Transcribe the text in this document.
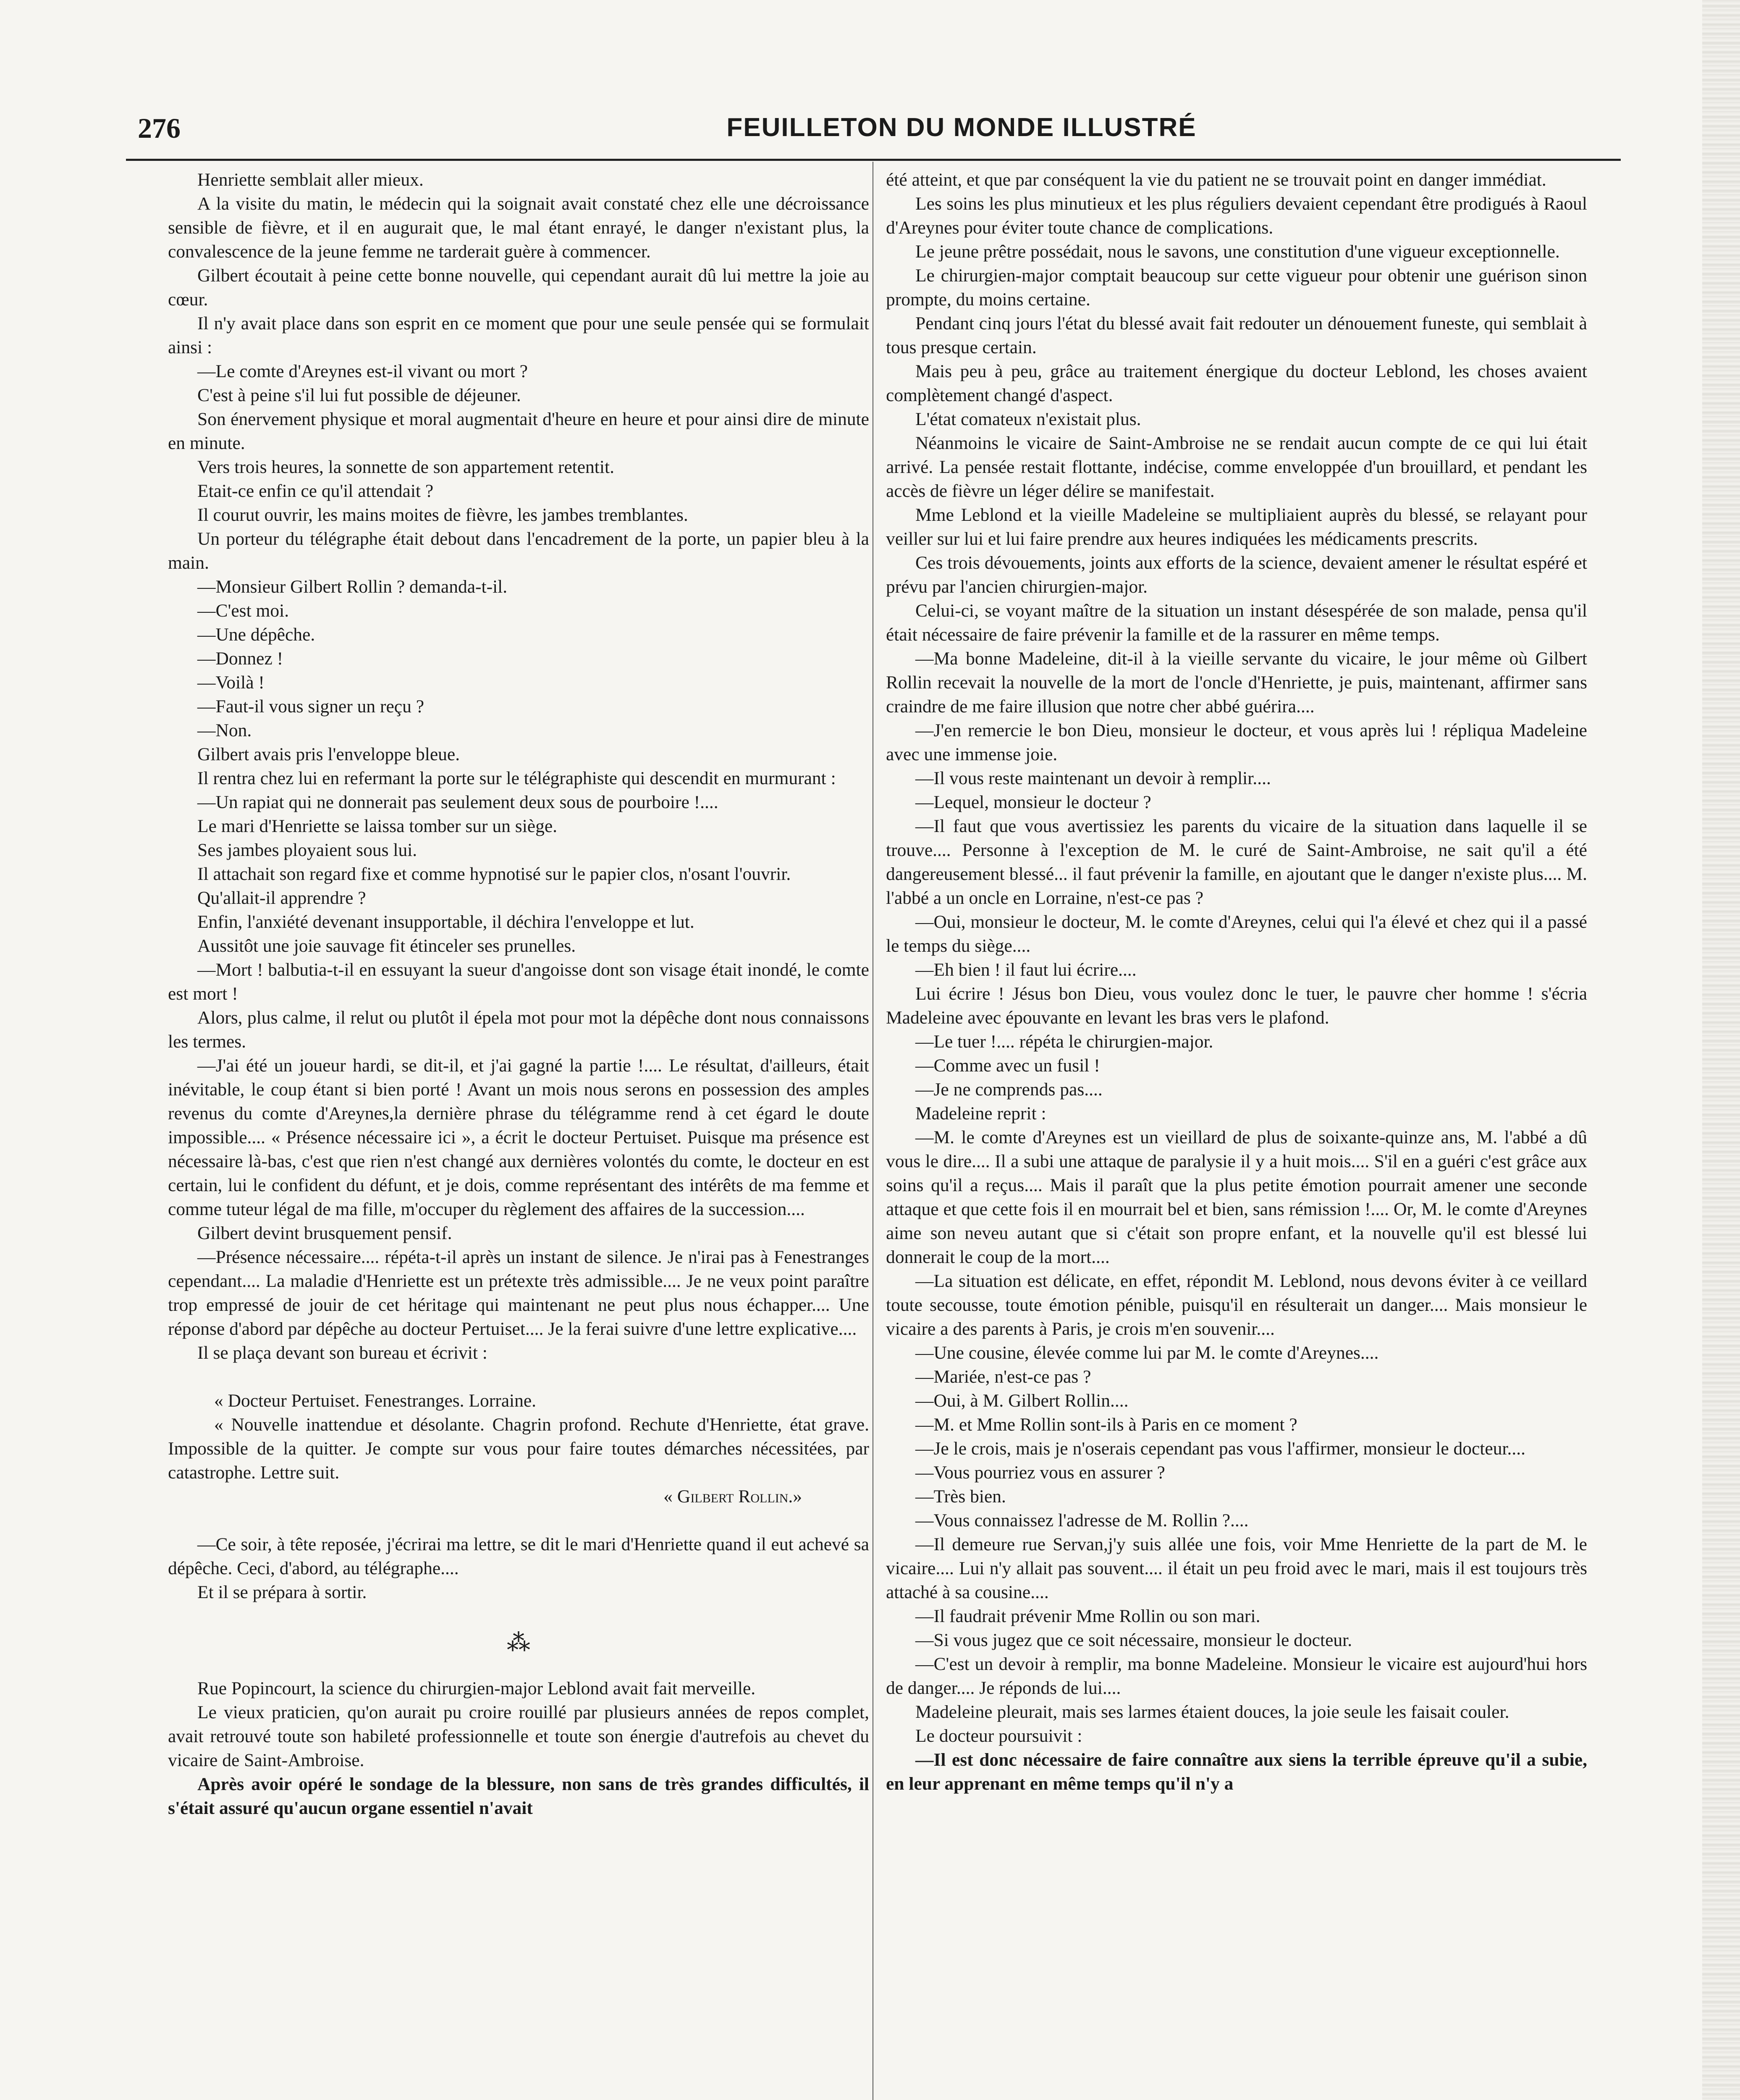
276	FEUILLETON DU MONDE ILLUSTRÉ

Henriette semblait aller mieux.

A la visite du matin, le médecin qui la soignait avait constaté chez elle une décroissance sensible de fièvre, et il en augurait que, le mal étant enrayé, le danger n'existant plus, la convalescence de la jeune femme ne tarderait guère à commencer.

Gilbert écoutait à peine cette bonne nouvelle, qui cependant aurait dû lui mettre la joie au cœur.

Il n'y avait place dans son esprit en ce moment que pour une seule pensée qui se formulait ainsi :

—Le comte d'Areynes est-il vivant ou mort ?

C'est à peine s'il lui fut possible de déjeuner.

Son énervement physique et moral augmentait d'heure en heure et pour ainsi dire de minute en minute.

Vers trois heures, la sonnette de son appartement retentit.

Etait-ce enfin ce qu'il attendait ?

Il courut ouvrir, les mains moites de fièvre, les jambes tremblantes.

Un porteur du télégraphe était debout dans l'encadrement de la porte, un papier bleu à la main.

—Monsieur Gilbert Rollin ? demanda-t-il.

—C'est moi.

—Une dépêche.

—Donnez !

—Voilà !

—Faut-il vous signer un reçu ?

—Non.

Gilbert avais pris l'enveloppe bleue.

Il rentra chez lui en refermant la porte sur le télégraphiste qui descendit en murmurant :

—Un rapiat qui ne donnerait pas seulement deux sous de pourboire !....

Le mari d'Henriette se laissa tomber sur un siège.

Ses jambes ployaient sous lui.

Il attachait son regard fixe et comme hypnotisé sur le papier clos, n'osant l'ouvrir.

Qu'allait-il apprendre ?

Enfin, l'anxiété devenant insupportable, il déchira l'enveloppe et lut.

Aussitôt une joie sauvage fit étinceler ses prunelles.

—Mort ! balbutia-t-il en essuyant la sueur d'angoisse dont son visage était inondé, le comte est mort !

Alors, plus calme, il relut ou plutôt il épela mot pour mot la dépêche dont nous connaissons les termes.

—J'ai été un joueur hardi, se dit-il, et j'ai gagné la partie !.... Le résultat, d'ailleurs, était inévitable, le coup étant si bien porté ! Avant un mois nous serons en possession des amples revenus du comte d'Areynes,la dernière phrase du télégramme rend à cet égard le doute impossible.... « Présence nécessaire ici », a écrit le docteur Pertuiset. Puisque ma présence est nécessaire là-bas, c'est que rien n'est changé aux dernières volontés du comte, le docteur en est certain, lui le confident du défunt, et je dois, comme représentant des intérêts de ma femme et comme tuteur légal de ma fille, m'occuper du règlement des affaires de la succession....

Gilbert devint brusquement pensif.

—Présence nécessaire.... répéta-t-il après un instant de silence. Je n'irai pas à Fenestranges cependant.... La maladie d'Henriette est un prétexte très admissible.... Je ne veux point paraître trop empressé de jouir de cet héritage qui maintenant ne peut plus nous échapper.... Une réponse d'abord par dépêche au docteur Pertuiset.... Je la ferai suivre d'une lettre explicative....

Il se plaça devant son bureau et écrivit :

« Docteur Pertuiset. Fenestranges. Lorraine.

« Nouvelle inattendue et désolante. Chagrin profond. Rechute d'Henriette, état grave. Impossible de la quitter. Je compte sur vous pour faire toutes démarches nécessitées, par catastrophe. Lettre suit.

« Gilbert Rollin.»

—Ce soir, à tête reposée, j'écrirai ma lettre, se dit le mari d'Henriette quand il eut achevé sa dépêche. Ceci, d'abord, au télégraphe....

Et il se prépara à sortir.

⁂

Rue Popincourt, la science du chirurgien-major Leblond avait fait merveille.

Le vieux praticien, qu'on aurait pu croire rouillé par plusieurs années de repos complet, avait retrouvé toute son habileté professionnelle et toute son énergie d'autrefois au chevet du vicaire de Saint-Ambroise.

Après avoir opéré le sondage de la blessure, non sans de très grandes difficultés, il s'était assuré qu'aucun organe essentiel n'avait

été atteint, et que par conséquent la vie du patient ne se trouvait point en danger immédiat.

Les soins les plus minutieux et les plus réguliers devaient cependant être prodigués à Raoul d'Areynes pour éviter toute chance de complications.

Le jeune prêtre possédait, nous le savons, une constitution d'une vigueur exceptionnelle.

Le chirurgien-major comptait beaucoup sur cette vigueur pour obtenir une guérison sinon prompte, du moins certaine.

Pendant cinq jours l'état du blessé avait fait redouter un dénouement funeste, qui semblait à tous presque certain.

Mais peu à peu, grâce au traitement énergique du docteur Leblond, les choses avaient complètement changé d'aspect.

L'état comateux n'existait plus.

Néanmoins le vicaire de Saint-Ambroise ne se rendait aucun compte de ce qui lui était arrivé. La pensée restait flottante, indécise, comme enveloppée d'un brouillard, et pendant les accès de fièvre un léger délire se manifestait.

Mme Leblond et la vieille Madeleine se multipliaient auprès du blessé, se relayant pour veiller sur lui et lui faire prendre aux heures indiquées les médicaments prescrits.

Ces trois dévouements, joints aux efforts de la science, devaient amener le résultat espéré et prévu par l'ancien chirurgien-major.

Celui-ci, se voyant maître de la situation un instant désespérée de son malade, pensa qu'il était nécessaire de faire prévenir la famille et de la rassurer en même temps.

—Ma bonne Madeleine, dit-il à la vieille servante du vicaire, le jour même où Gilbert Rollin recevait la nouvelle de la mort de l'oncle d'Henriette, je puis, maintenant, affirmer sans craindre de me faire illusion que notre cher abbé guérira....

—J'en remercie le bon Dieu, monsieur le docteur, et vous après lui ! répliqua Madeleine avec une immense joie.

—Il vous reste maintenant un devoir à remplir....

—Lequel, monsieur le docteur ?

—Il faut que vous avertissiez les parents du vicaire de la situation dans laquelle il se trouve.... Personne à l'exception de M. le curé de Saint-Ambroise, ne sait qu'il a été dangereusement blessé... il faut prévenir la famille, en ajoutant que le danger n'existe plus.... M. l'abbé a un oncle en Lorraine, n'est-ce pas ?

—Oui, monsieur le docteur, M. le comte d'Areynes, celui qui l'a élevé et chez qui il a passé le temps du siège....

—Eh bien ! il faut lui écrire....

Lui écrire ! Jésus bon Dieu, vous voulez donc le tuer, le pauvre cher homme ! s'écria Madeleine avec épouvante en levant les bras vers le plafond.

—Le tuer !.... répéta le chirurgien-major.

—Comme avec un fusil !

—Je ne comprends pas....

Madeleine reprit :

—M. le comte d'Areynes est un vieillard de plus de soixante-quinze ans, M. l'abbé a dû vous le dire.... Il a subi une attaque de paralysie il y a huit mois.... S'il en a guéri c'est grâce aux soins qu'il a reçus.... Mais il paraît que la plus petite émotion pourrait amener une seconde attaque et que cette fois il en mourrait bel et bien, sans rémission !.... Or, M. le comte d'Areynes aime son neveu autant que si c'était son propre enfant, et la nouvelle qu'il est blessé lui donnerait le coup de la mort....

—La situation est délicate, en effet, répondit M. Leblond, nous devons éviter à ce veillard toute secousse, toute émotion pénible, puisqu'il en résulterait un danger.... Mais monsieur le vicaire a des parents à Paris, je crois m'en souvenir....

—Une cousine, élevée comme lui par M. le comte d'Areynes....

—Mariée, n'est-ce pas ?

—Oui, à M. Gilbert Rollin....

—M. et Mme Rollin sont-ils à Paris en ce moment ?

—Je le crois, mais je n'oserais cependant pas vous l'affirmer, monsieur le docteur....

—Vous pourriez vous en assurer ?

—Très bien.

—Vous connaissez l'adresse de M. Rollin ?....

—Il demeure rue Servan,j'y suis allée une fois, voir Mme Henriette de la part de M. le vicaire.... Lui n'y allait pas souvent.... il était un peu froid avec le mari, mais il est toujours très attaché à sa cousine....

—Il faudrait prévenir Mme Rollin ou son mari.

—Si vous jugez que ce soit nécessaire, monsieur le docteur.

—C'est un devoir à remplir, ma bonne Madeleine. Monsieur le vicaire est aujourd'hui hors de danger.... Je réponds de lui....

Madeleine pleurait, mais ses larmes étaient douces, la joie seule les faisait couler.

Le docteur poursuivit :

—Il est donc nécessaire de faire connaître aux siens la terrible épreuve qu'il a subie, en leur apprenant en même temps qu'il n'y a
